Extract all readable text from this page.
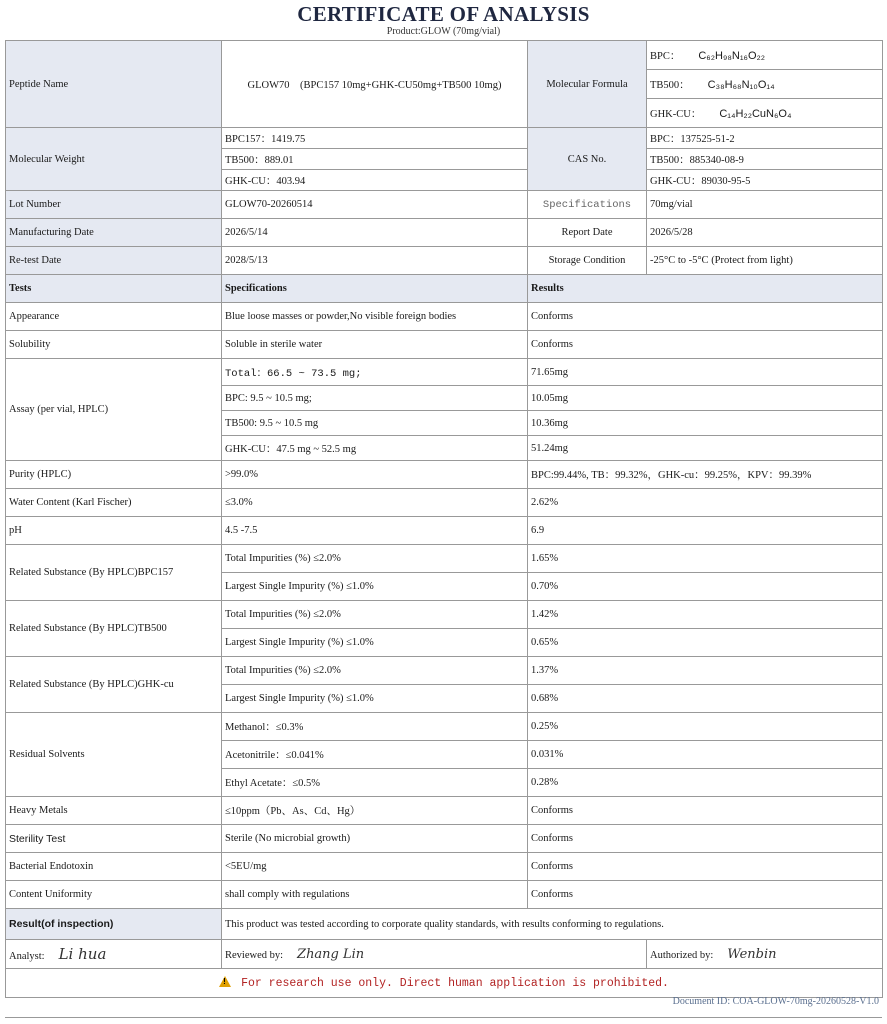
CERTIFICATE OF ANALYSIS
Product:GLOW (70mg/vial)
Peptide Name	GLOW70　(BPC157 10mg+GHK-CU50mg+TB500 10mg)	Molecular Formula	BPC： C₆₂H₉₈N₁₆O₂₂
			TB500： C₃₈H₆₈N₁₀O₁₄
			GHK-CU： C₁₄H₂₂CuN₆O₄
Molecular Weight	BPC157：1419.75	CAS No.	BPC：137525-51-2
	TB500：889.01		TB500：885340-08-9
	GHK-CU：403.94		GHK-CU：89030-95-5
Lot Number	GLOW70-20260514	Specifications	70mg/vial
Manufacturing Date	2026/5/14	Report Date	2026/5/28
Re-test Date	2028/5/13	Storage Condition	-25°C to -5°C (Protect from light)
Tests	Specifications	Results	
Appearance	Blue loose masses or powder,No visible foreign bodies	Conforms	
Solubility	Soluble in sterile water	Conforms	
Assay (per vial, HPLC)	Total：66.5 ~ 73.5 mg;	71.65mg	
	BPC: 9.5 ~ 10.5 mg;	10.05mg	
	TB500: 9.5 ~ 10.5 mg	10.36mg	
	GHK-CU：47.5 mg ~ 52.5 mg	51.24mg	
Purity (HPLC)	>99.0%	BPC:99.44%, TB：99.32%，GHK-cu：99.25%，KPV：99.39%	
Water Content (Karl Fischer)	≤3.0%	2.62%	
pH	4.5 -7.5	6.9	
Related Substance (By HPLC)BPC157	Total Impurities (%) ≤2.0%	1.65%	
	Largest Single Impurity (%) ≤1.0%	0.70%	
Related Substance (By HPLC)TB500	Total Impurities (%) ≤2.0%	1.42%	
	Largest Single Impurity (%) ≤1.0%	0.65%	
Related Substance (By HPLC)GHK-cu	Total Impurities (%) ≤2.0%	1.37%	
	Largest Single Impurity (%) ≤1.0%	0.68%	
Residual Solvents	Methanol：≤0.3%	0.25%	
	Acetonitrile：≤0.041%	0.031%	
	Ethyl Acetate：≤0.5%	0.28%	
Heavy Metals	≤10ppm（Pb、As、Cd、Hg）	Conforms	
Sterility Test	Sterile (No microbial growth)	Conforms	
Bacterial Endotoxin	<5EU/mg	Conforms	
Content Uniformity	shall comply with regulations	Conforms	
Result(of inspection)	This product was tested according to corporate quality standards, with results conforming to regulations.		
Analyst: Li hua	Reviewed by: Zhang Lin		Authorized by: Wenbin
!For research use only. Direct human application is prohibited.
Document ID: COA-GLOW-70mg-20260528-V1.0
